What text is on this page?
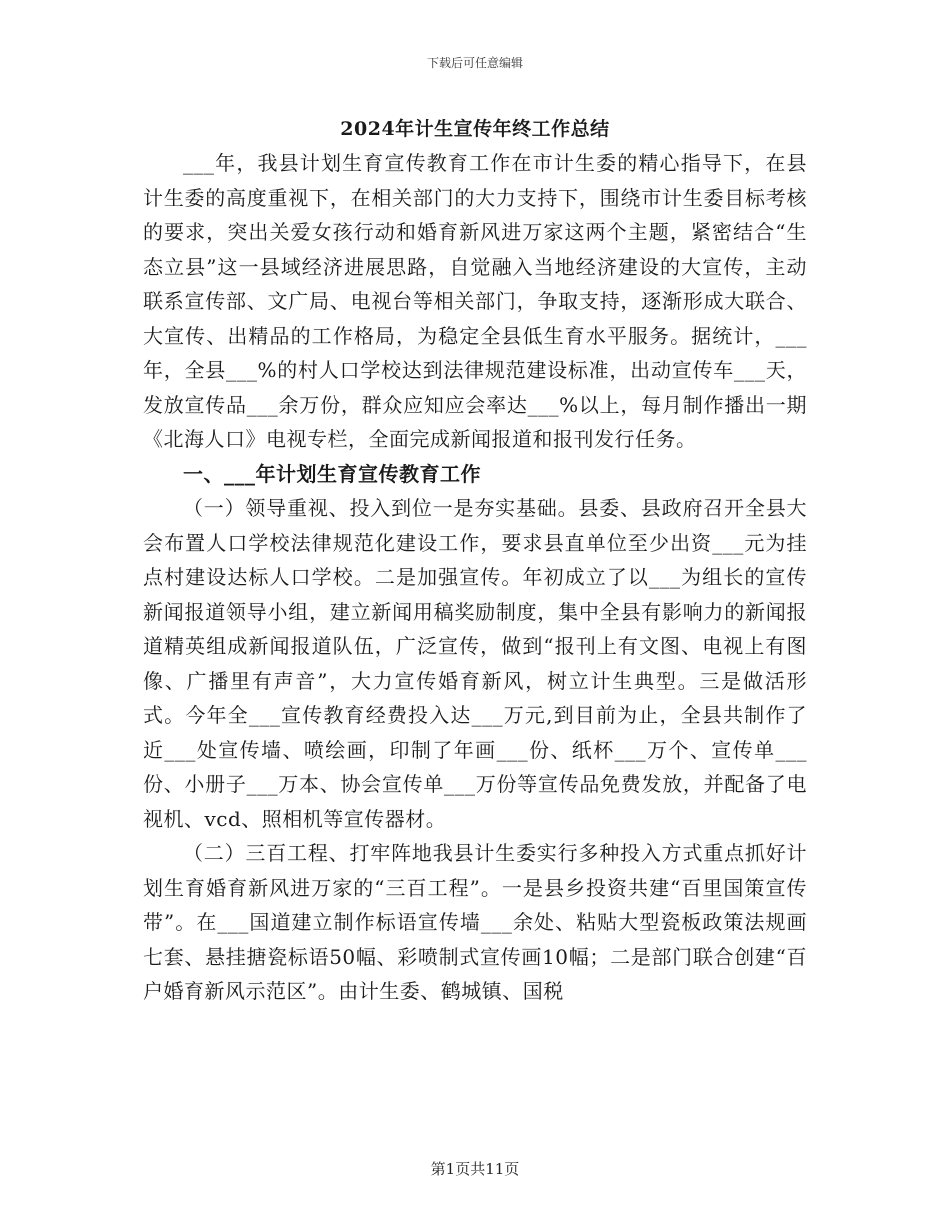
下载后可任意编辑
2024年计生宣传年终工作总结

___年，我县计划生育宣传教育工作在市计生委的精心指导下，在县计生委的高度重视下，在相关部门的大力支持下，围绕市计生委目标考核的要求，突出关爱女孩行动和婚育新风进万家这两个主题，紧密结合“生态立县”这一县域经济进展思路，自觉融入当地经济建设的大宣传，主动联系宣传部、文广局、电视台等相关部门，争取支持，逐渐形成大联合、大宣传、出精品的工作格局，为稳定全县低生育水平服务。据统计，___年，全县___%的村人口学校达到法律规范建设标准，出动宣传车___天，发放宣传品___余万份，群众应知应会率达___%以上，每月制作播出一期《北海人口》电视专栏，全面完成新闻报道和报刊发行任务。

一、___年计划生育宣传教育工作

（一）领导重视、投入到位一是夯实基础。县委、县政府召开全县大会布置人口学校法律规范化建设工作，要求县直单位至少出资___元为挂点村建设达标人口学校。二是加强宣传。年初成立了以___为组长的宣传新闻报道领导小组，建立新闻用稿奖励制度，集中全县有影响力的新闻报道精英组成新闻报道队伍，广泛宣传，做到“报刊上有文图、电视上有图像、广播里有声音”，大力宣传婚育新风，树立计生典型。三是做活形式。今年全___宣传教育经费投入达___万元,到目前为止，全县共制作了近___处宣传墙、喷绘画，印制了年画___份、纸杯___万个、宣传单___份、小册子___万本、协会宣传单___万份等宣传品免费发放，并配备了电视机、vcd、照相机等宣传器材。

（二）三百工程、打牢阵地我县计生委实行多种投入方式重点抓好计划生育婚育新风进万家的“三百工程”。一是县乡投资共建“百里国策宣传带”。在___国道建立制作标语宣传墙___余处、粘贴大型瓷板政策法规画七套、悬挂搪瓷标语50幅、彩喷制式宣传画10幅；二是部门联合创建“百户婚育新风示范区”。由计生委、鹤城镇、国税

第1页共11页
